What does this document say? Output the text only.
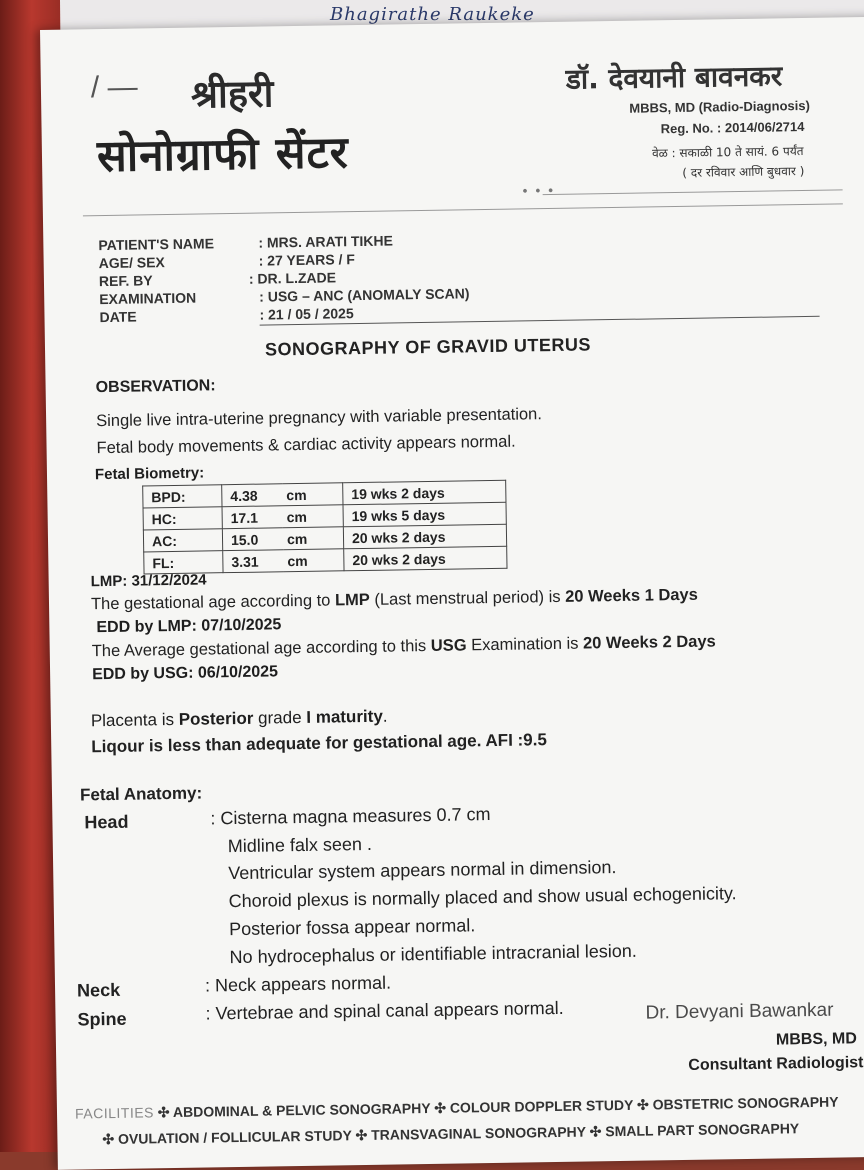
Bhagirathe Raukeke
/ — श्रीहरी
सोनोग्राफी सेंटर
डॉ. देवयानी बावनकर
MBBS, MD (Radio-Diagnosis)
Reg. No. : 2014/06/2714
वेळ : सकाळी 10 ते सायं. 6 पर्यंत
( दर रविवार आणि बुधवार )
• • •
PATIENT'S NAME	: MRS. ARATI TIKHE
AGE/ SEX	: 27 YEARS / F
REF. BY	: DR. L.ZADE
EXAMINATION	: USG – ANC (ANOMALY SCAN)
DATE	: 21 / 05 / 2025
SONOGRAPHY OF GRAVID UTERUS
OBSERVATION:
Single live intra-uterine pregnancy with variable presentation.
Fetal body movements & cardiac activity appears normal.
Fetal Biometry:
BPD:	4.38	cm	19 wks 2 days
HC:	17.1	cm	19 wks 5 days
AC:	15.0	cm	20 wks 2 days
FL:	3.31	cm	20 wks 2 days
LMP: 31/12/2024
The gestational age according to LMP (Last menstrual period) is 20 Weeks 1 Days
EDD by LMP: 07/10/2025
The Average gestational age according to this USG Examination is 20 Weeks 2 Days
EDD by USG: 06/10/2025
Placenta is Posterior grade I maturity.
Liqour is less than adequate for gestational age. AFI :9.5
Fetal Anatomy:
Head	: Cisterna magna measures 0.7 cm
Midline falx seen .
Ventricular system appears normal in dimension.
Choroid plexus is normally placed and show usual echogenicity.
Posterior fossa appear normal.
No hydrocephalus or identifiable intracranial lesion.
Neck	: Neck appears normal.
Spine	: Vertebrae and spinal canal appears normal.	Dr. Devyani Bawankar
MBBS, MD
Consultant Radiologist
FACILITIES ✣ ABDOMINAL & PELVIC SONOGRAPHY ✣ COLOUR DOPPLER STUDY ✣ OBSTETRIC SONOGRAPHY
✣ OVULATION / FOLLICULAR STUDY ✣ TRANSVAGINAL SONOGRAPHY ✣ SMALL PART SONOGRAPHY
